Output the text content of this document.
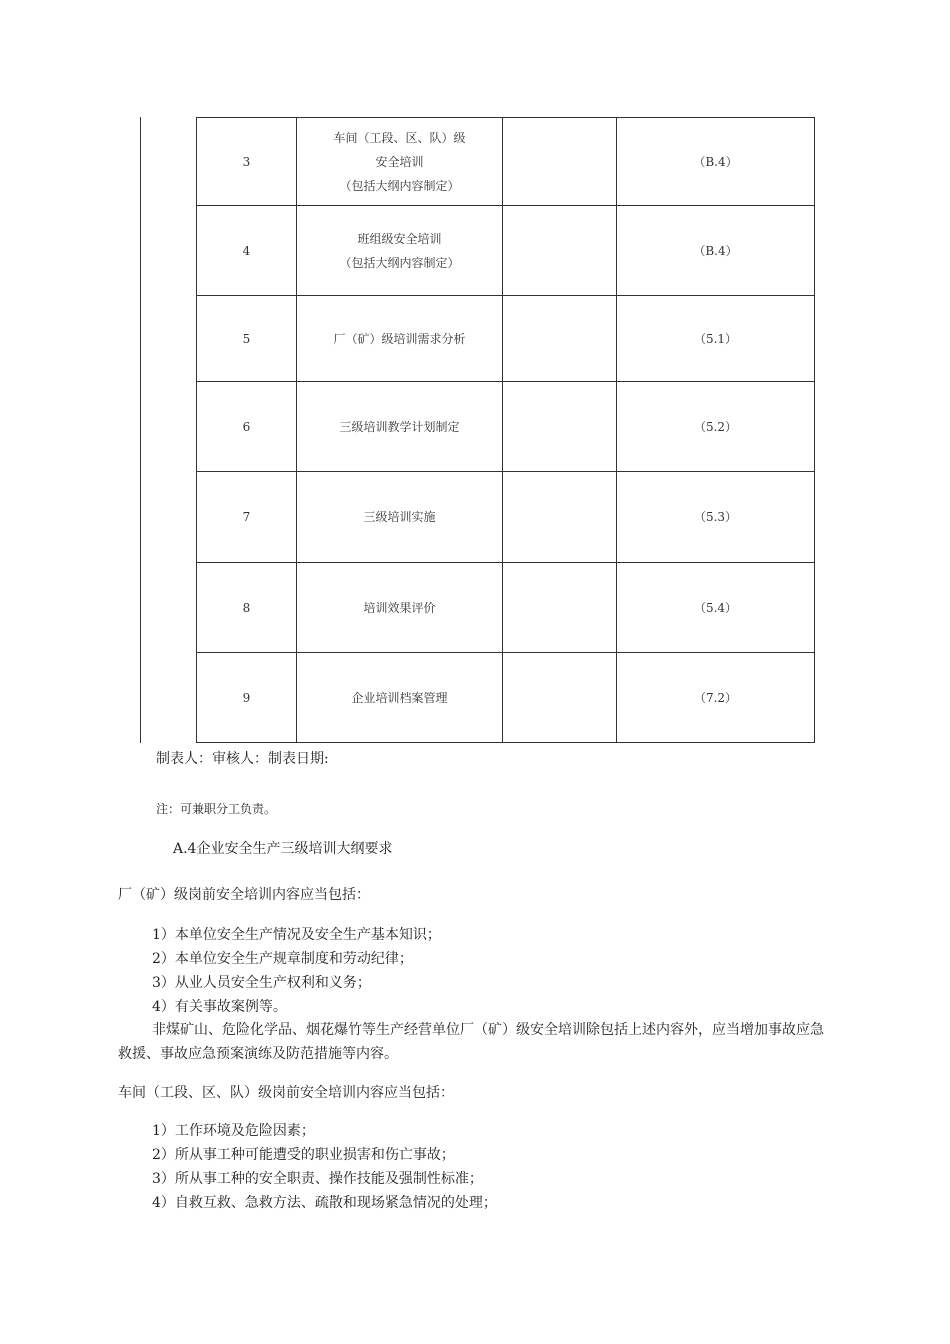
3	车间（工段、区、队）级
安全培训
（包括大纲内容制定）		（B.4）
4	班组级安全培训
（包括大纲内容制定）		（B.4）
5	厂（矿）级培训需求分析		（5.1）
6	三级培训教学计划制定		（5.2）
7	三级培训实施		（5.3）
8	培训效果评价		（5.4）
9	企业培训档案管理		（7.2）
制表人：审核人：制表日期:
注：可兼职分工负责。
A.4企业安全生产三级培训大纲要求
厂（矿）级岗前安全培训内容应当包括：
1）本单位安全生产情况及安全生产基本知识；
2）本单位安全生产规章制度和劳动纪律；
3）从业人员安全生产权利和义务；
4）有关事故案例等。
非煤矿山、危险化学品、烟花爆竹等生产经营单位厂（矿）级安全培训除包括上述内容外，应当增加事故应急救援、事故应急预案演练及防范措施等内容。
车间（工段、区、队）级岗前安全培训内容应当包括：
1）工作环境及危险因素；
2）所从事工种可能遭受的职业损害和伤亡事故；
3）所从事工种的安全职责、操作技能及强制性标准；
4）自救互救、急救方法、疏散和现场紧急情况的处理；
